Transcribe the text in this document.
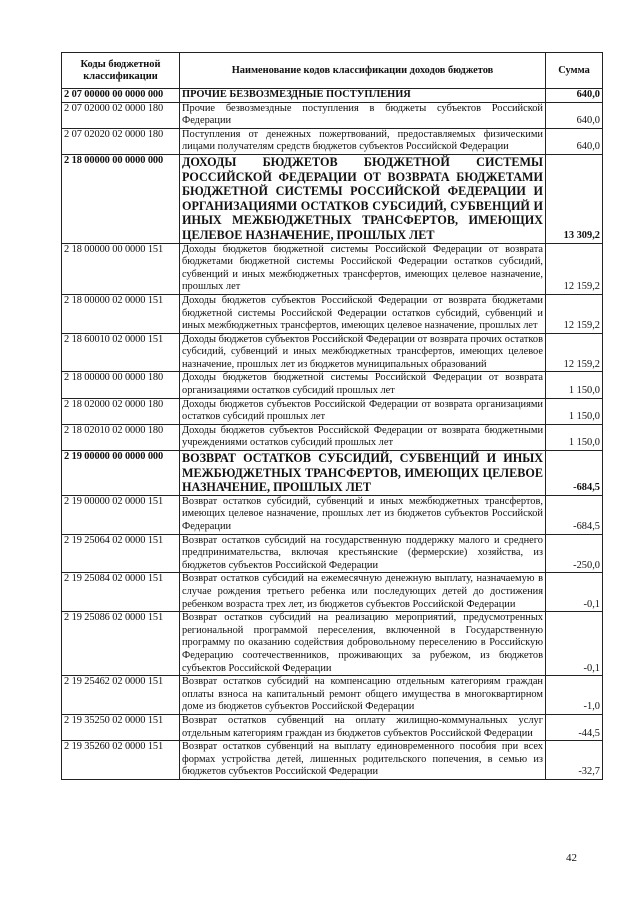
Коды бюджетной классификации	Наименование кодов классификации доходов бюджетов	Сумма
2 07 00000 00 0000 000	ПРОЧИЕ БЕЗВОЗМЕЗДНЫЕ ПОСТУПЛЕНИЯ	640,0
2 07 02000 02 0000 180	Прочие безвозмездные поступления в бюджеты субъектов Российской Федерации	640,0
2 07 02020 02 0000 180	Поступления от денежных пожертвований, предоставляемых физическими лицами получателям средств бюджетов субъектов Российской Федерации	640,0
2 18 00000 00 0000 000	ДОХОДЫ БЮДЖЕТОВ БЮДЖЕТНОЙ СИСТЕМЫ РОССИЙСКОЙ ФЕДЕРАЦИИ ОТ ВОЗВРАТА БЮДЖЕТАМИ БЮДЖЕТНОЙ СИСТЕМЫ РОССИЙСКОЙ ФЕДЕРАЦИИ И ОРГАНИЗАЦИЯМИ ОСТАТКОВ СУБСИДИЙ, СУБВЕНЦИЙ И ИНЫХ МЕЖБЮДЖЕТНЫХ ТРАНСФЕРТОВ, ИМЕЮЩИХ ЦЕЛЕВОЕ НАЗНАЧЕНИЕ, ПРОШЛЫХ ЛЕТ	13 309,2
2 18 00000 00 0000 151	Доходы бюджетов бюджетной системы Российской Федерации от возврата бюджетами бюджетной системы Российской Федерации остатков субсидий, субвенций и иных межбюджетных трансфертов, имеющих целевое назначение, прошлых лет	12 159,2
2 18 00000 02 0000 151	Доходы бюджетов субъектов Российской Федерации от возврата бюджетами бюджетной системы Российской Федерации остатков субсидий, субвенций и иных межбюджетных трансфертов, имеющих целевое назначение, прошлых лет	12 159,2
2 18 60010 02 0000 151	Доходы бюджетов субъектов Российской Федерации от возврата прочих остатков субсидий, субвенций и иных межбюджетных трансфертов, имеющих целевое назначение, прошлых лет из бюджетов муниципальных образований	12 159,2
2 18 00000 00 0000 180	Доходы бюджетов бюджетной системы Российской Федерации от возврата организациями остатков субсидий прошлых лет	1 150,0
2 18 02000 02 0000 180	Доходы бюджетов субъектов Российской Федерации от возврата организациями остатков субсидий прошлых лет	1 150,0
2 18 02010 02 0000 180	Доходы бюджетов субъектов Российской Федерации от возврата бюджетными учреждениями остатков субсидий прошлых лет	1 150,0
2 19 00000 00 0000 000	ВОЗВРАТ ОСТАТКОВ СУБСИДИЙ, СУБВЕНЦИЙ И ИНЫХ МЕЖБЮДЖЕТНЫХ ТРАНСФЕРТОВ, ИМЕЮЩИХ ЦЕЛЕВОЕ НАЗНАЧЕНИЕ, ПРОШЛЫХ ЛЕТ	-684,5
2 19 00000 02 0000 151	Возврат остатков субсидий, субвенций и иных межбюджетных трансфертов, имеющих целевое назначение, прошлых лет из бюджетов субъектов Российской Федерации	-684,5
2 19 25064 02 0000 151	Возврат остатков субсидий на государственную поддержку малого и среднего предпринимательства, включая крестьянские (фермерские) хозяйства, из бюджетов субъектов Российской Федерации	-250,0
2 19 25084 02 0000 151	Возврат остатков субсидий на ежемесячную денежную выплату, назначаемую в случае рождения третьего ребенка или последующих детей до достижения ребенком возраста трех лет, из бюджетов субъектов Российской Федерации	-0,1
2 19 25086 02 0000 151	Возврат остатков субсидий на реализацию мероприятий, предусмотренных региональной программой переселения, включенной в Государственную программу по оказанию содействия добровольному переселению в Российскую Федерацию соотечественников, проживающих за рубежом, из бюджетов субъектов Российской Федерации	-0,1
2 19 25462 02 0000 151	Возврат остатков субсидий на компенсацию отдельным категориям граждан оплаты взноса на капитальный ремонт общего имущества в многоквартирном доме из бюджетов субъектов Российской Федерации	-1,0
2 19 35250 02 0000 151	Возврат остатков субвенций на оплату жилищно-коммунальных услуг отдельным категориям граждан из бюджетов субъектов Российской Федерации	-44,5
2 19 35260 02 0000 151	Возврат остатков субвенций на выплату единовременного пособия при всех формах устройства детей, лишенных родительского попечения, в семью из бюджетов субъектов Российской Федерации	-32,7
42
